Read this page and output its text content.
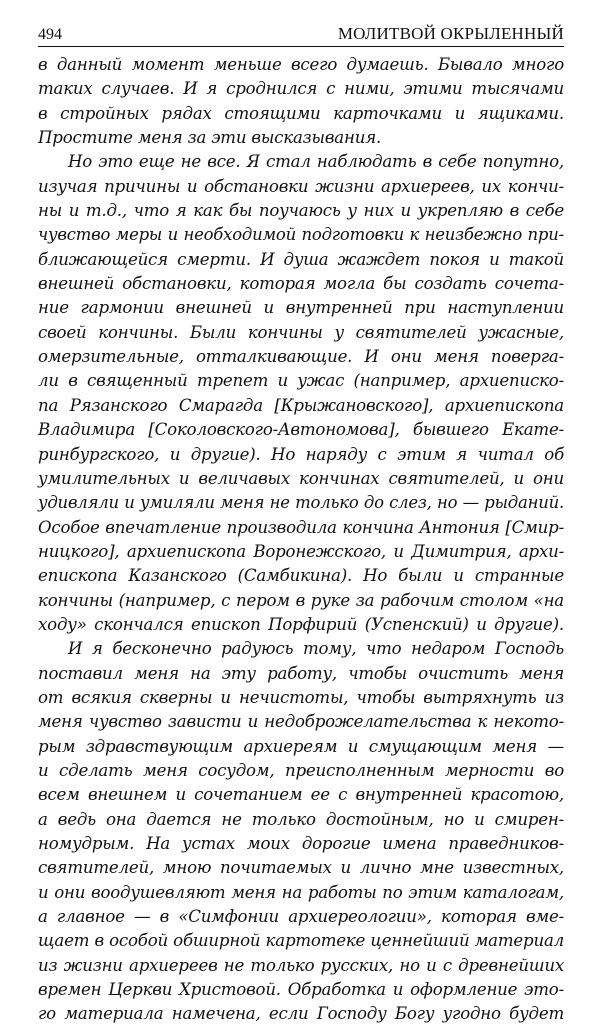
494	МОЛИТВОЙ ОКРЫЛЕННЫЙ
в данный момент меньше всего думаешь. Бывало много
таких случаев. И я сроднился с ними, этими тысячами
в стройных рядах стоящими карточками и ящиками.
Простите меня за эти высказывания.
Но это еще не все. Я стал наблюдать в себе попутно,
изучая причины и обстановки жизни архиереев, их кончи-
ны и т.д., что я как бы поучаюсь у них и укрепляю в себе
чувство меры и необходимой подготовки к неизбежно при-
ближающейся смерти. И душа жаждет покоя и такой
внешней обстановки, которая могла бы создать сочета-
ние гармонии внешней и внутренней при наступлении
своей кончины. Были кончины у святителей ужасные,
омерзительные, отталкивающие. И они меня поверга-
ли в священный трепет и ужас (например, архиеписко-
па Рязанского Смарагда [Крыжановского], архиепископа
Владимира [Соколовского-Автономова], бывшего Екате-
ринбургского, и другие). Но наряду с этим я читал об
умилительных и величавых кончинах святителей, и они
удивляли и умиляли меня не только до слез, но — рыданий.
Особое впечатление производила кончина Антония [Смир-
ницкого], архиепископа Воронежского, и Димитрия, архи-
епископа Казанского (Самбикина). Но были и странные
кончины (например, с пером в руке за рабочим столом «на
ходу» скончался епископ Порфирий (Успенский) и другие).
И я бесконечно радуюсь тому, что недаром Господь
поставил меня на эту работу, чтобы очистить меня
от всякия скверны и нечистоты, чтобы вытряхнуть из
меня чувство зависти и недоброжелательства к некото-
рым здравствующим архиереям и смущающим меня —
и сделать меня сосудом, преисполненным мерности во
всем внешнем и сочетанием ее с внутренней красотою,
а ведь она дается не только достойным, но и смирен-
номудрым. На устах моих дорогие имена праведников-
святителей, мною почитаемых и лично мне известных,
и они воодушевляют меня на работы по этим каталогам,
а главное — в «Симфонии архиереологии», которая вме-
щает в особой обширной картотеке ценнейший материал
из жизни архиереев не только русских, но и с древнейших
времен Церкви Христовой. Обработка и оформление это-
го материала намечена, если Господу Богу угодно будет
